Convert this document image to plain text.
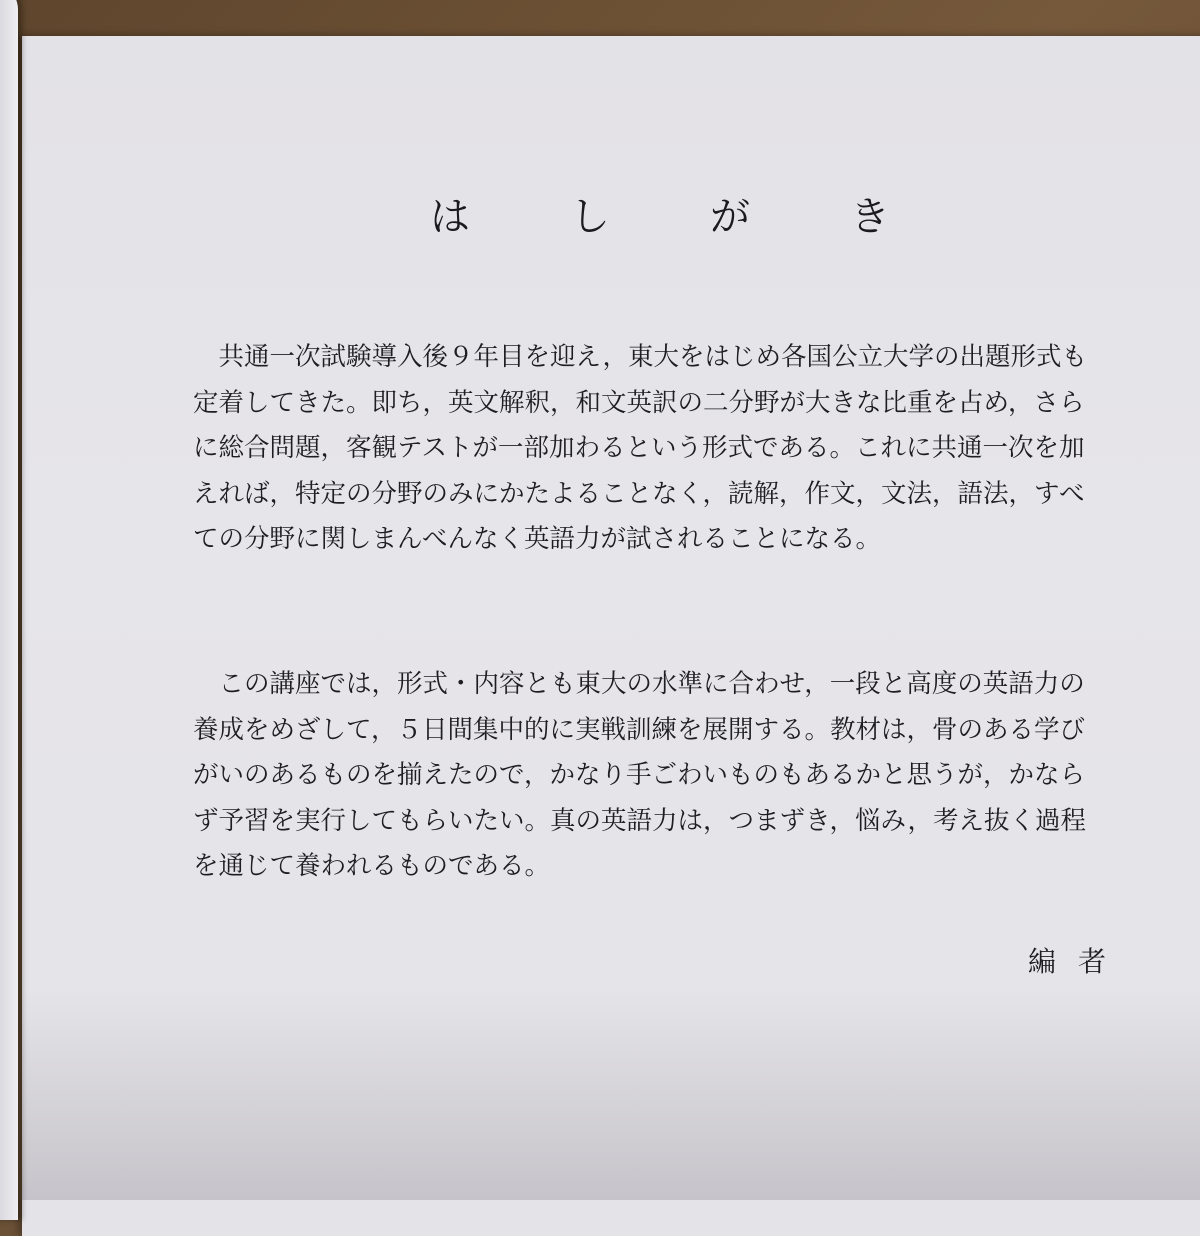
は	し	が	き
　共通一次試験導入後９年目を迎え，東大をはじめ各国公立大学の出題形式も
定着してきた。即ち，英文解釈，和文英訳の二分野が大きな比重を占め，さら
に総合問題，客観テストが一部加わるという形式である。これに共通一次を加
えれば，特定の分野のみにかたよることなく，読解，作文，文法，語法，すべ
ての分野に関しまんべんなく英語力が試されることになる。
　この講座では，形式・内容とも東大の水準に合わせ，一段と高度の英語力の
養成をめざして，５日間集中的に実戦訓練を展開する。教材は，骨のある学び
がいのあるものを揃えたので，かなり手ごわいものもあるかと思うが，かなら
ず予習を実行してもらいたい。真の英語力は，つまずき，悩み，考え抜く過程
を通じて養われるものである。
編者
